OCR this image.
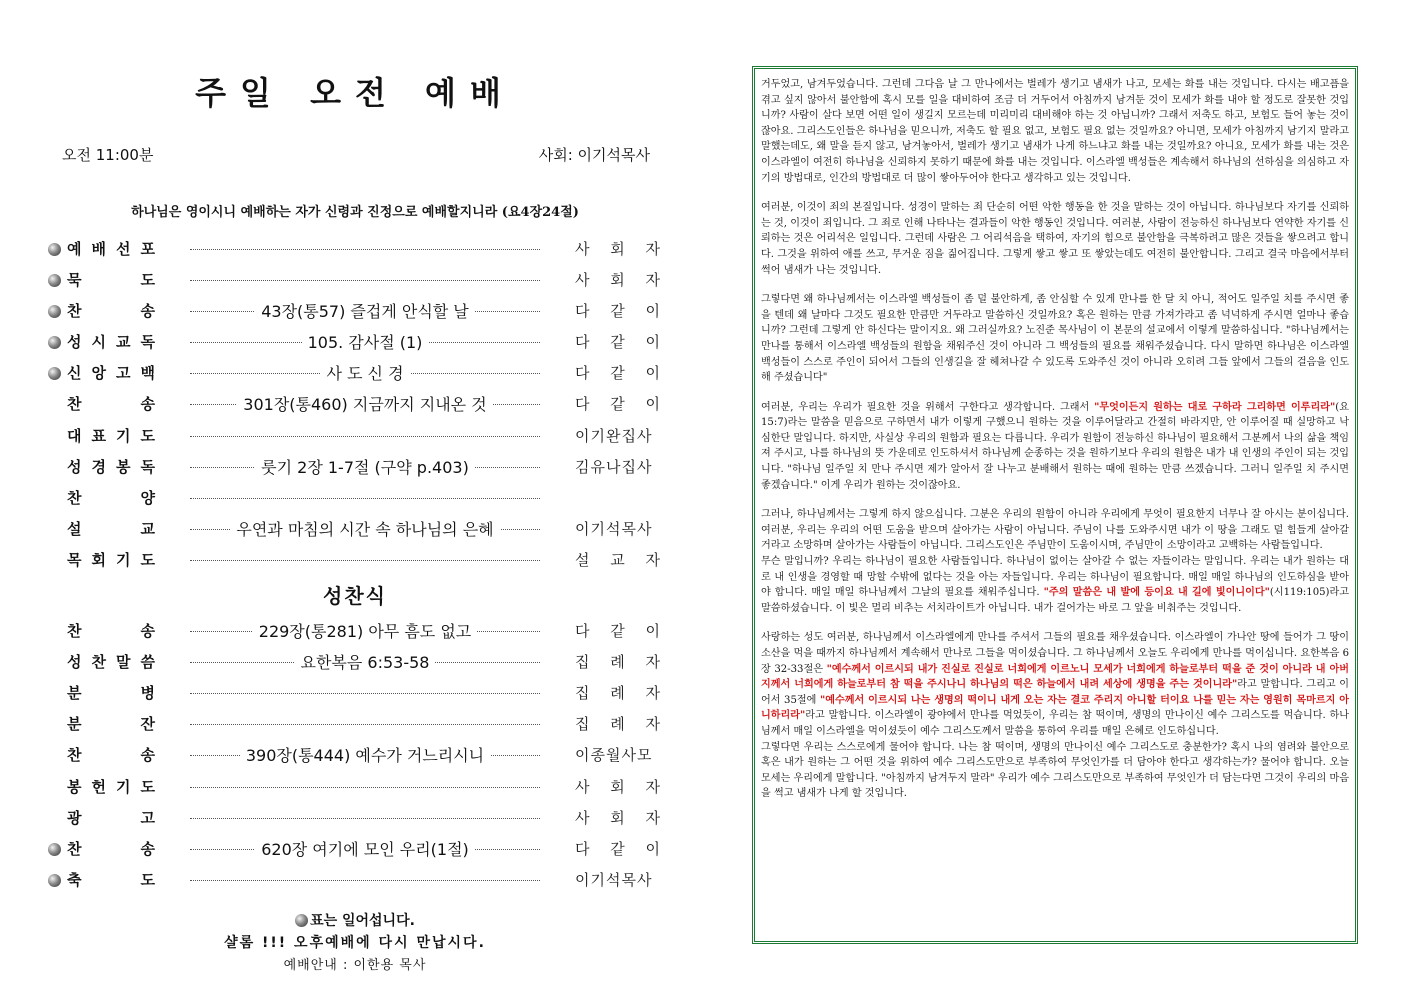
주일 오전 예배
오전 11:00분	사회: 이기석목사
하나님은 영이시니 예배하는 자가 신령과 진정으로 예배할지니라 (요4장24절)
예 배 선 포	사 회 자
묵	도	사 회 자
찬	송	43장(통57) 즐겁게 안식할 날	다 같 이
성 시 교 독	105. 감사절 (1)	다 같 이
신 앙 고 백	사 도 신 경	다 같 이
찬	송	301장(통460) 지금까지 지내온 것	다 같 이
대 표 기 도	이기완집사
성 경 봉 독	룻기 2장 1-7절 (구약 p.403)	김유나집사
찬	양
설	교	우연과 마침의 시간 속 하나님의 은혜	이기석목사
목 회 기 도	설 교 자
성찬식
찬	송	229장(통281) 아무 흠도 없고	다 같 이
성 찬 말 씀	요한복음 6:53-58	집 례 자
분	병	집 례 자
분	잔	집 례 자
찬	송	390장(통444) 예수가 거느리시니	이종월사모
봉 헌 기 도	사 회 자
광	고	사 회 자
찬	송	620장 여기에 모인 우리(1절)	다 같 이
축	도	이기석목사
표는 일어섭니다.
샬롬 !!! 오후예배에 다시 만납시다.
예배안내 : 이한용 목사

거두었고, 남겨두었습니다. 그런데 그다음 날 그 만나에서는 벌레가 생기고 냄새가 나고, 모세는 화를 내는 것입니다. 다시는 배고픔을 겪고 싶지 않아서 불안함에 혹시 모를 일을 대비하여 조금 더 거두어서 아침까지 남겨둔 것이 모세가 화를 내야 할 정도로 잘못한 것입니까? 사람이 살다 보면 어떤 일이 생길지 모르는데 미리미리 대비해야 하는 것 아닙니까? 그래서 저축도 하고, 보험도 들어 놓는 것이잖아요. 그리스도인들은 하나님을 믿으니까, 저축도 할 필요 없고, 보험도 필요 없는 것일까요? 아니면, 모세가 아침까지 남기지 말라고 말했는데도, 왜 말을 듣지 않고, 남겨놓아서, 벌레가 생기고 냄새가 나게 하느냐고 화를 내는 것일까요? 아니요, 모세가 화를 내는 것은 이스라엘이 여전히 하나님을 신뢰하지 못하기 때문에 화를 내는 것입니다. 이스라엘 백성들은 계속해서 하나님의 선하심을 의심하고 자기의 방법대로, 인간의 방법대로 더 많이 쌓아두어야 한다고 생각하고 있는 것입니다.

여러분, 이것이 죄의 본질입니다. 성경이 말하는 죄 단순히 어떤 악한 행동을 한 것을 말하는 것이 아닙니다. 하나님보다 자기를 신뢰하는 것, 이것이 죄입니다. 그 죄로 인해 나타나는 결과들이 악한 행동인 것입니다. 여러분, 사람이 전능하신 하나님보다 연약한 자기를 신뢰하는 것은 어리석은 일입니다. 그런데 사람은 그 어리석음을 택하여, 자기의 힘으로 불안함을 극복하려고 많은 것들을 쌓으려고 합니다. 그것을 위하여 애를 쓰고, 무거운 짐을 짊어집니다. 그렇게 쌓고 쌓고 또 쌓았는데도 여전히 불안합니다. 그리고 결국 마음에서부터 썩어 냄새가 나는 것입니다.

그렇다면 왜 하나님께서는 이스라엘 백성들이 좀 덜 불안하게, 좀 안심할 수 있게 만나를 한 달 치 아니, 적어도 일주일 치를 주시면 좋을 텐데 왜 날마다 그것도 필요한 만큼만 거두라고 말씀하신 것일까요? 혹은 원하는 만큼 가져가라고 좀 넉넉하게 주시면 얼마나 좋습니까? 그런데 그렇게 안 하신다는 말이지요. 왜 그러실까요? 노진준 목사님이 이 본문의 설교에서 이렇게 말씀하십니다. "하나님께서는 만나를 통해서 이스라엘 백성들의 원함을 채워주신 것이 아니라 그 백성들의 필요를 채워주셨습니다. 다시 말하면 하나님은 이스라엘 백성들이 스스로 주인이 되어서 그들의 인생길을 잘 헤쳐나갈 수 있도록 도와주신 것이 아니라 오히려 그들 앞에서 그들의 걸음을 인도해 주셨습니다"

여러분, 우리는 우리가 필요한 것을 위해서 구한다고 생각합니다. 그래서 "무엇이든지 원하는 대로 구하라 그리하면 이루리라"(요15:7)라는 말씀을 믿음으로 구하면서 내가 이렇게 구했으니 원하는 것을 이루어달라고 간절히 바라지만, 안 이루어질 때 실망하고 낙심한단 말입니다. 하지만, 사실상 우리의 원함과 필요는 다릅니다. 우리가 원함이 전능하신 하나님이 필요해서 그분께서 나의 삶을 책임져 주시고, 나를 하나님의 뜻 가운데로 인도하셔서 하나님께 순종하는 것을 원하기보다 우리의 원함은 내가 내 인생의 주인이 되는 것입니다. "하나님 일주일 치 만나 주시면 제가 알아서 잘 나누고 분배해서 원하는 때에 원하는 만큼 쓰겠습니다. 그러니 일주일 치 주시면 좋겠습니다." 이게 우리가 원하는 것이잖아요.

그러나, 하나님께서는 그렇게 하지 않으십니다. 그분은 우리의 원함이 아니라 우리에게 무엇이 필요한지 너무나 잘 아시는 분이십니다. 여러분, 우리는 우리의 어떤 도움을 받으며 살아가는 사람이 아닙니다. 주님이 나를 도와주시면 내가 이 땅을 그래도 덜 힘들게 살아갈 거라고 소망하며 살아가는 사람들이 아닙니다. 그리스도인은 주님만이 도움이시며, 주님만이 소망이라고 고백하는 사람들입니다.
무슨 말입니까? 우리는 하나님이 필요한 사람들입니다. 하나님이 없이는 살아갈 수 없는 자들이라는 말입니다. 우리는 내가 원하는 대로 내 인생을 경영할 때 망할 수밖에 없다는 것을 아는 자들입니다. 우리는 하나님이 필요합니다. 매일 매일 하나님의 인도하심을 받아야 합니다. 매일 매일 하나님께서 그날의 필요를 채워주십니다. "주의 말씀은 내 발에 등이요 내 길에 빛이니이다"(시119:105)라고 말씀하셨습니다. 이 빛은 멀리 비추는 서치라이트가 아닙니다. 내가 걸어가는 바로 그 앞을 비춰주는 것입니다.

사랑하는 성도 여러분, 하나님께서 이스라엘에게 만나를 주셔서 그들의 필요를 채우셨습니다. 이스라엘이 가나안 땅에 들어가 그 땅이 소산을 먹을 때까지 하나님께서 계속해서 만나로 그들을 먹이셨습니다. 그 하나님께서 오늘도 우리에게 만나를 먹이십니다. 요한복음 6장 32-33절은 "예수께서 이르시되 내가 진실로 진실로 너희에게 이르노니 모세가 너희에게 하늘로부터 떡을 준 것이 아니라 내 아버지께서 너희에게 하늘로부터 참 떡을 주시나니 하나님의 떡은 하늘에서 내려 세상에 생명을 주는 것이니라"라고 말합니다. 그리고 이어서 35절에 "예수께서 이르시되 나는 생명의 떡이니 내게 오는 자는 결코 주리지 아니할 터이요 나를 믿는 자는 영원히 목마르지 아니하리라"라고 말합니다. 이스라엘이 광야에서 만나를 먹었듯이, 우리는 참 떡이며, 생명의 만나이신 예수 그리스도를 먹습니다. 하나님께서 매일 이스라엘을 먹이셨듯이 예수 그리스도께서 말씀을 통하여 우리를 매일 은혜로 인도하십니다.
그렇다면 우리는 스스로에게 물어야 합니다. 나는 참 떡이며, 생명의 만나이신 예수 그리스도로 충분한가? 혹시 나의 염려와 불안으로 혹은 내가 원하는 그 어떤 것을 위하여 예수 그리스도만으로 부족하여 무엇인가를 더 담아야 한다고 생각하는가? 물어야 합니다. 오늘 모세는 우리에게 말합니다. "아침까지 남겨두지 말라" 우리가 예수 그리스도만으로 부족하여 무엇인가 더 담는다면 그것이 우리의 마음을 썩고 냄새가 나게 할 것입니다.
